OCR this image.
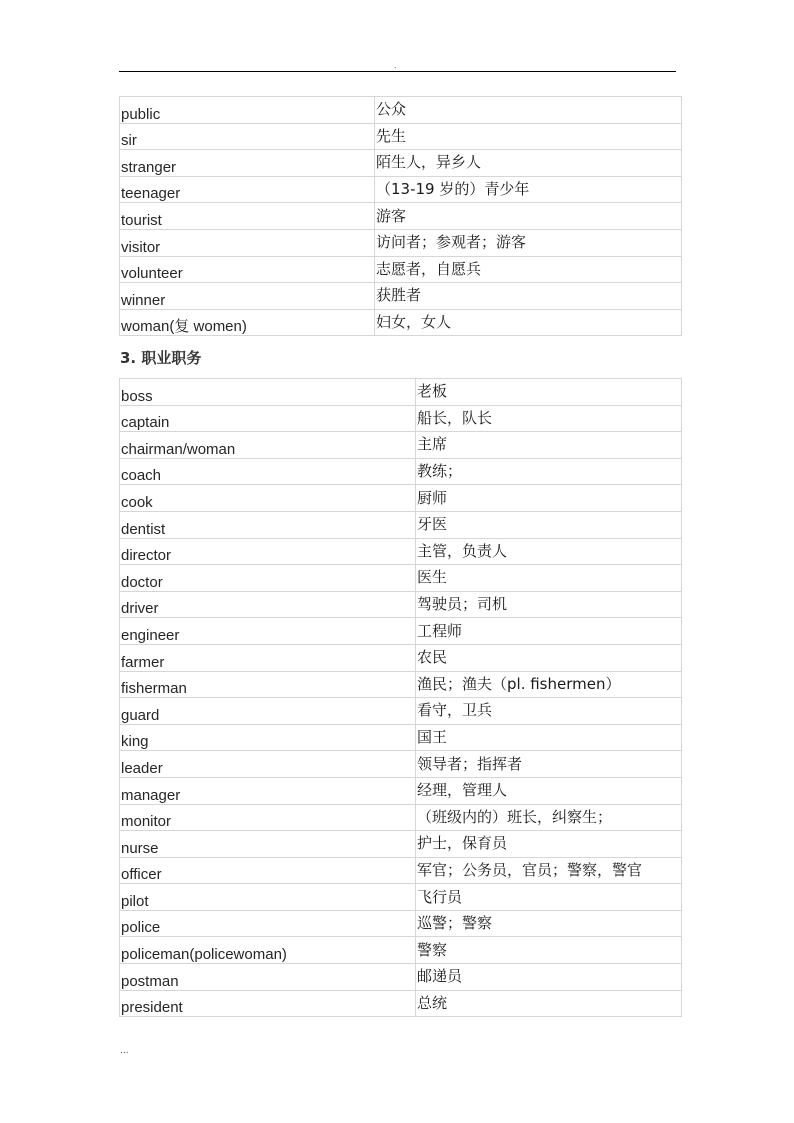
.
public	公众
sir	先生
stranger	陌生人，异乡人
teenager	（13-19 岁的）青少年
tourist	游客
visitor	访问者；参观者；游客
volunteer	志愿者，自愿兵
winner	获胜者
woman(复 women)	妇女，女人
3. 职业职务
boss	老板
captain	船长，队长
chairman/woman	主席
coach	教练；
cook	厨师
dentist	牙医
director	主管，负责人
doctor	医生
driver	驾驶员；司机
engineer	工程师
farmer	农民
fisherman	渔民；渔夫（pl. fishermen）
guard	看守，卫兵
king	国王
leader	领导者；指挥者
manager	经理，管理人
monitor	（班级内的）班长，纠察生；
nurse	护士，保育员
officer	军官；公务员，官员；警察，警官
pilot	飞行员
police	巡警；警察
policeman(policewoman)	警察
postman	邮递员
president	总统
...
